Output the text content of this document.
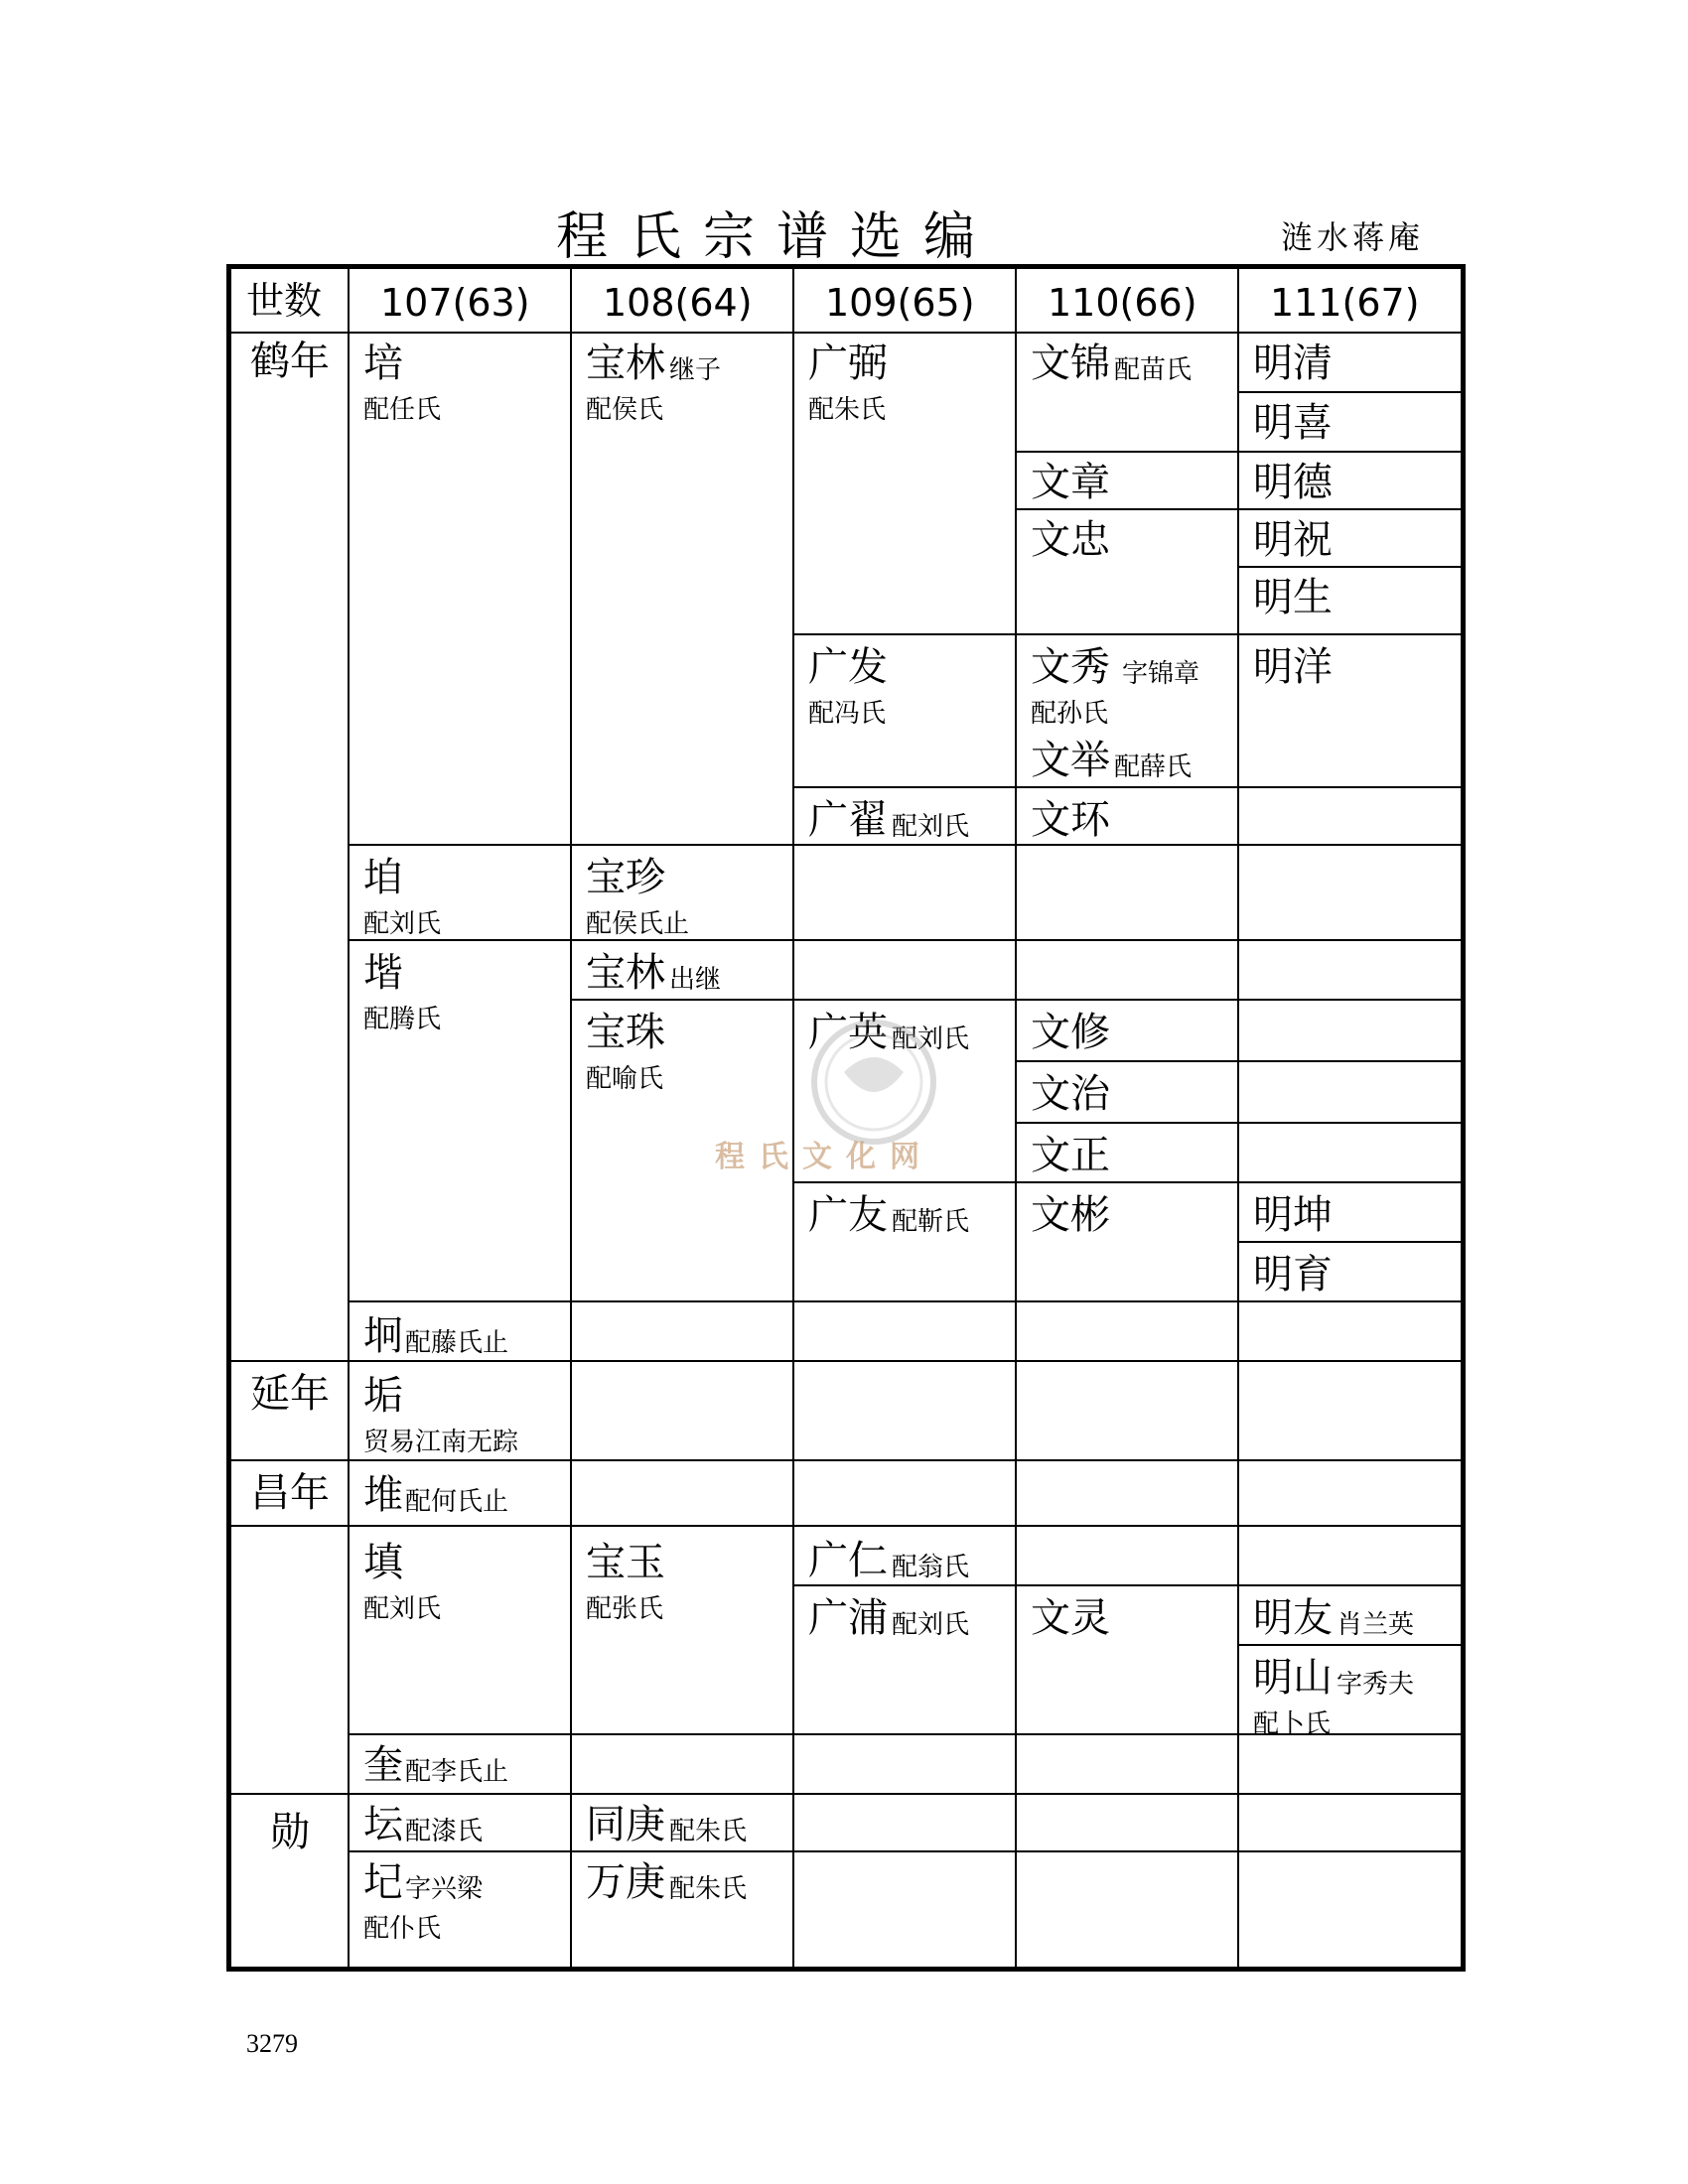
程氏宗谱选编	涟水蒋庵
世数 107(63) 108(64) 109(65) 110(66) 111(67)
鹤年
延年
昌年
勋
培
配任氏
垍
配刘氏
堦
配腾氏
坰 配藤氏止
垢
贸易江南无踪
堆 配何氏止
填
配刘氏
奎 配李氏止
坛 配漆氏
圮 字兴梁
配仆氏
宝林 继子
配侯氏
宝珍
配侯氏止
宝林 出继
宝珠
配喻氏
宝玉
配张氏
同庚 配朱氏
万庚 配朱氏
广弼
配朱氏
广发
配冯氏
广翟 配刘氏
广英 配刘氏
广友 配靳氏
广仁 配翁氏
广浦 配刘氏
文锦 配苗氏
文章
文忠
文秀 字锦章
配孙氏
文举 配薛氏
文环
文修
文治
文正
文彬
文灵
明清
明喜
明德
明祝
明生
明洋
明坤
明育
明友 肖兰英
明山 字秀夫
配卜氏
程氏文化网
3279
